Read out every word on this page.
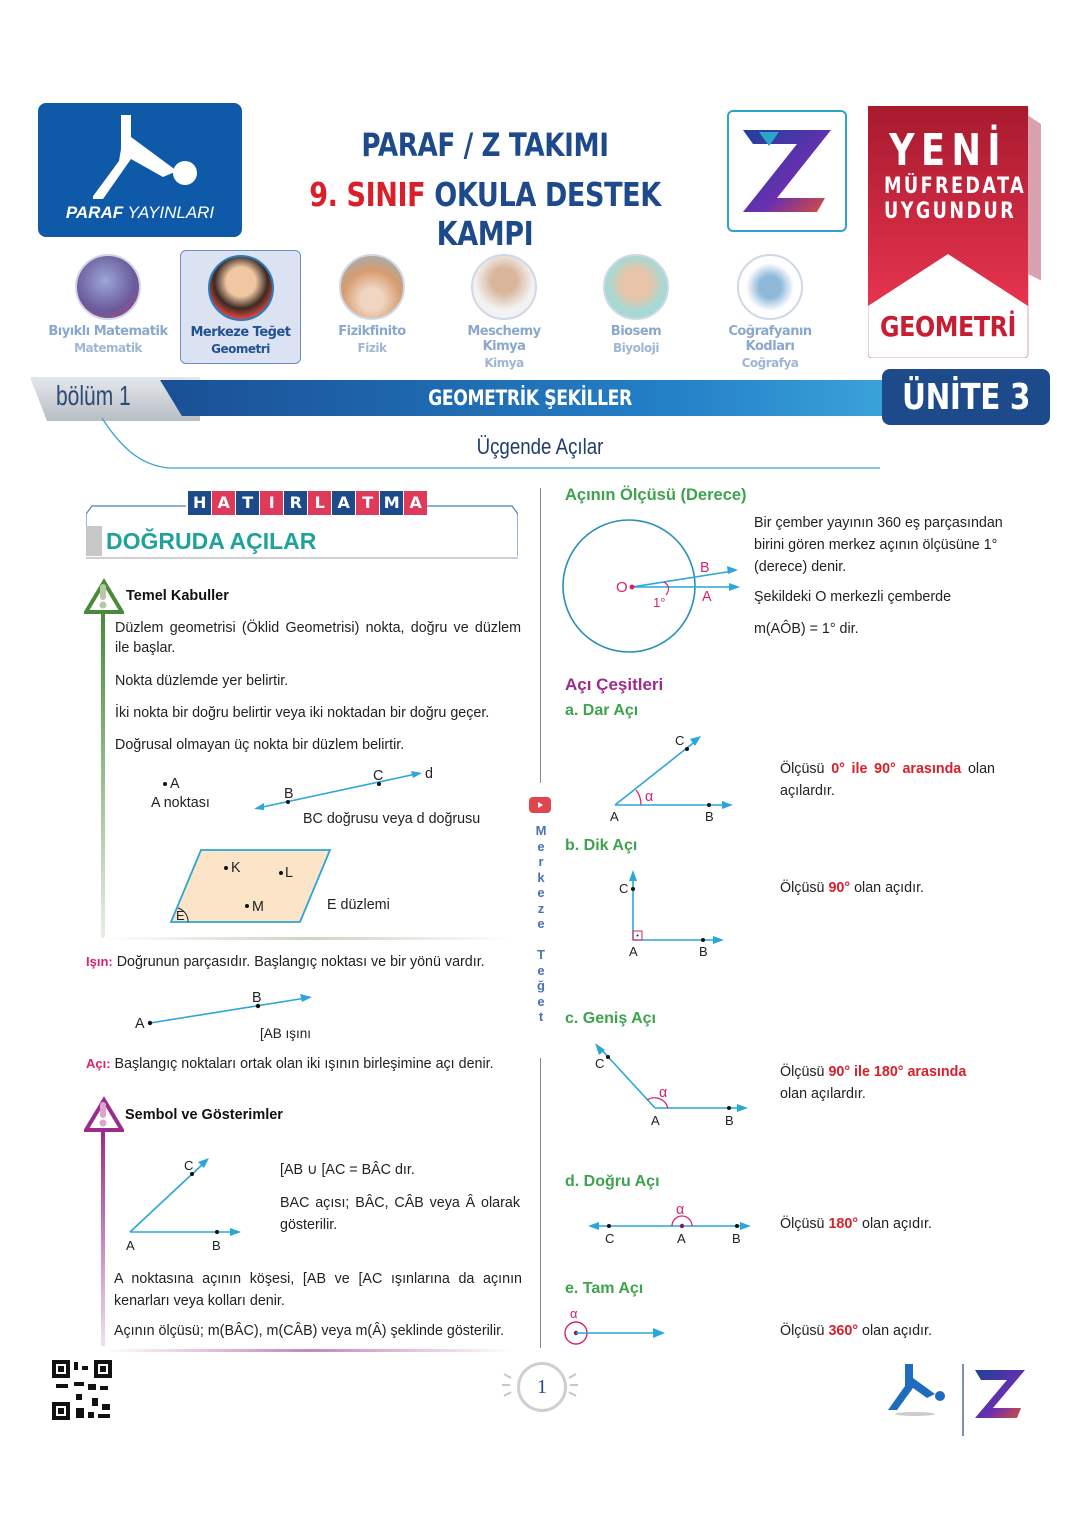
PARAF YAYINLARI
PARAF / Z TAKIMI
9. SINIF OKULA DESTEK KAMPI
YENİ
MÜFREDATA
UYGUNDUR
GEOMETRİ
Bıyıklı Matematik
Matematik
Merkeze Teğet
Geometri
Fizikfinito
Fizik
Meschemy Kimya
Kimya
Biosem
Biyoloji
Coğrafyanın Kodları
Coğrafya
bölüm 1	GEOMETRİK ŞEKİLLER	ÜNİTE 3
Üçgende Açılar
H A T	I R L A T M A
DOĞRUDA AÇILAR
Temel Kabuller
Düzlem geometrisi (Öklid Geometrisi) nokta, doğru ve düzlem ile başlar.
Nokta düzlemde yer belirtir.
İki nokta bir doğru belirtir veya iki noktadan bir doğru geçer.
Doğrusal olmayan üç nokta bir düzlem belirtir.
A
A noktası
B
C	d
BC doğrusu veya d doğrusu
K	L
M
E
E düzlemi
Işın: Doğrunun parçasıdır. Başlangıç noktası ve bir yönü vardır.
A
B
[AB ışını
Açı: Başlangıç noktaları ortak olan iki ışının birleşimine açı denir.
Sembol ve Gösterimler
A	B
C	[AB ∪ [AC = BÂC dır.
BAC açısı; BÂC, CÂB veya Â olarak gösterilir.
A noktasına açının köşesi, [AB ve [AC ışınlarına da açının kenarları veya kolları denir.
Açının ölçüsü; m(BÂC), m(CÂB) veya m(Â) şeklinde gösterilir.
M
e
r
k
e
z
e

T
e
ğ
e
t
Açının Ölçüsü (Derece)
O
B
A
1°
Bir çember yayının 360 eş parçasından birini gören merkez açının ölçüsüne 1° (derece) denir.
Şekildeki O merkezli çemberde
m(AÔB) = 1° dir.
Açı Çeşitleri
a. Dar Açı
α
A	B
C
Ölçüsü 0° ile 90° arasında olan açılardır.
b. Dik Açı
C
A	B
Ölçüsü 90° olan açıdır.
c. Geniş Açı
α
C
A	B
Ölçüsü 90° ile 180° arasında olan açılardır.
d. Doğru Açı
α
C	A	B
Ölçüsü 180° olan açıdır.
e. Tam Açı
α
Ölçüsü 360° olan açıdır.
1
